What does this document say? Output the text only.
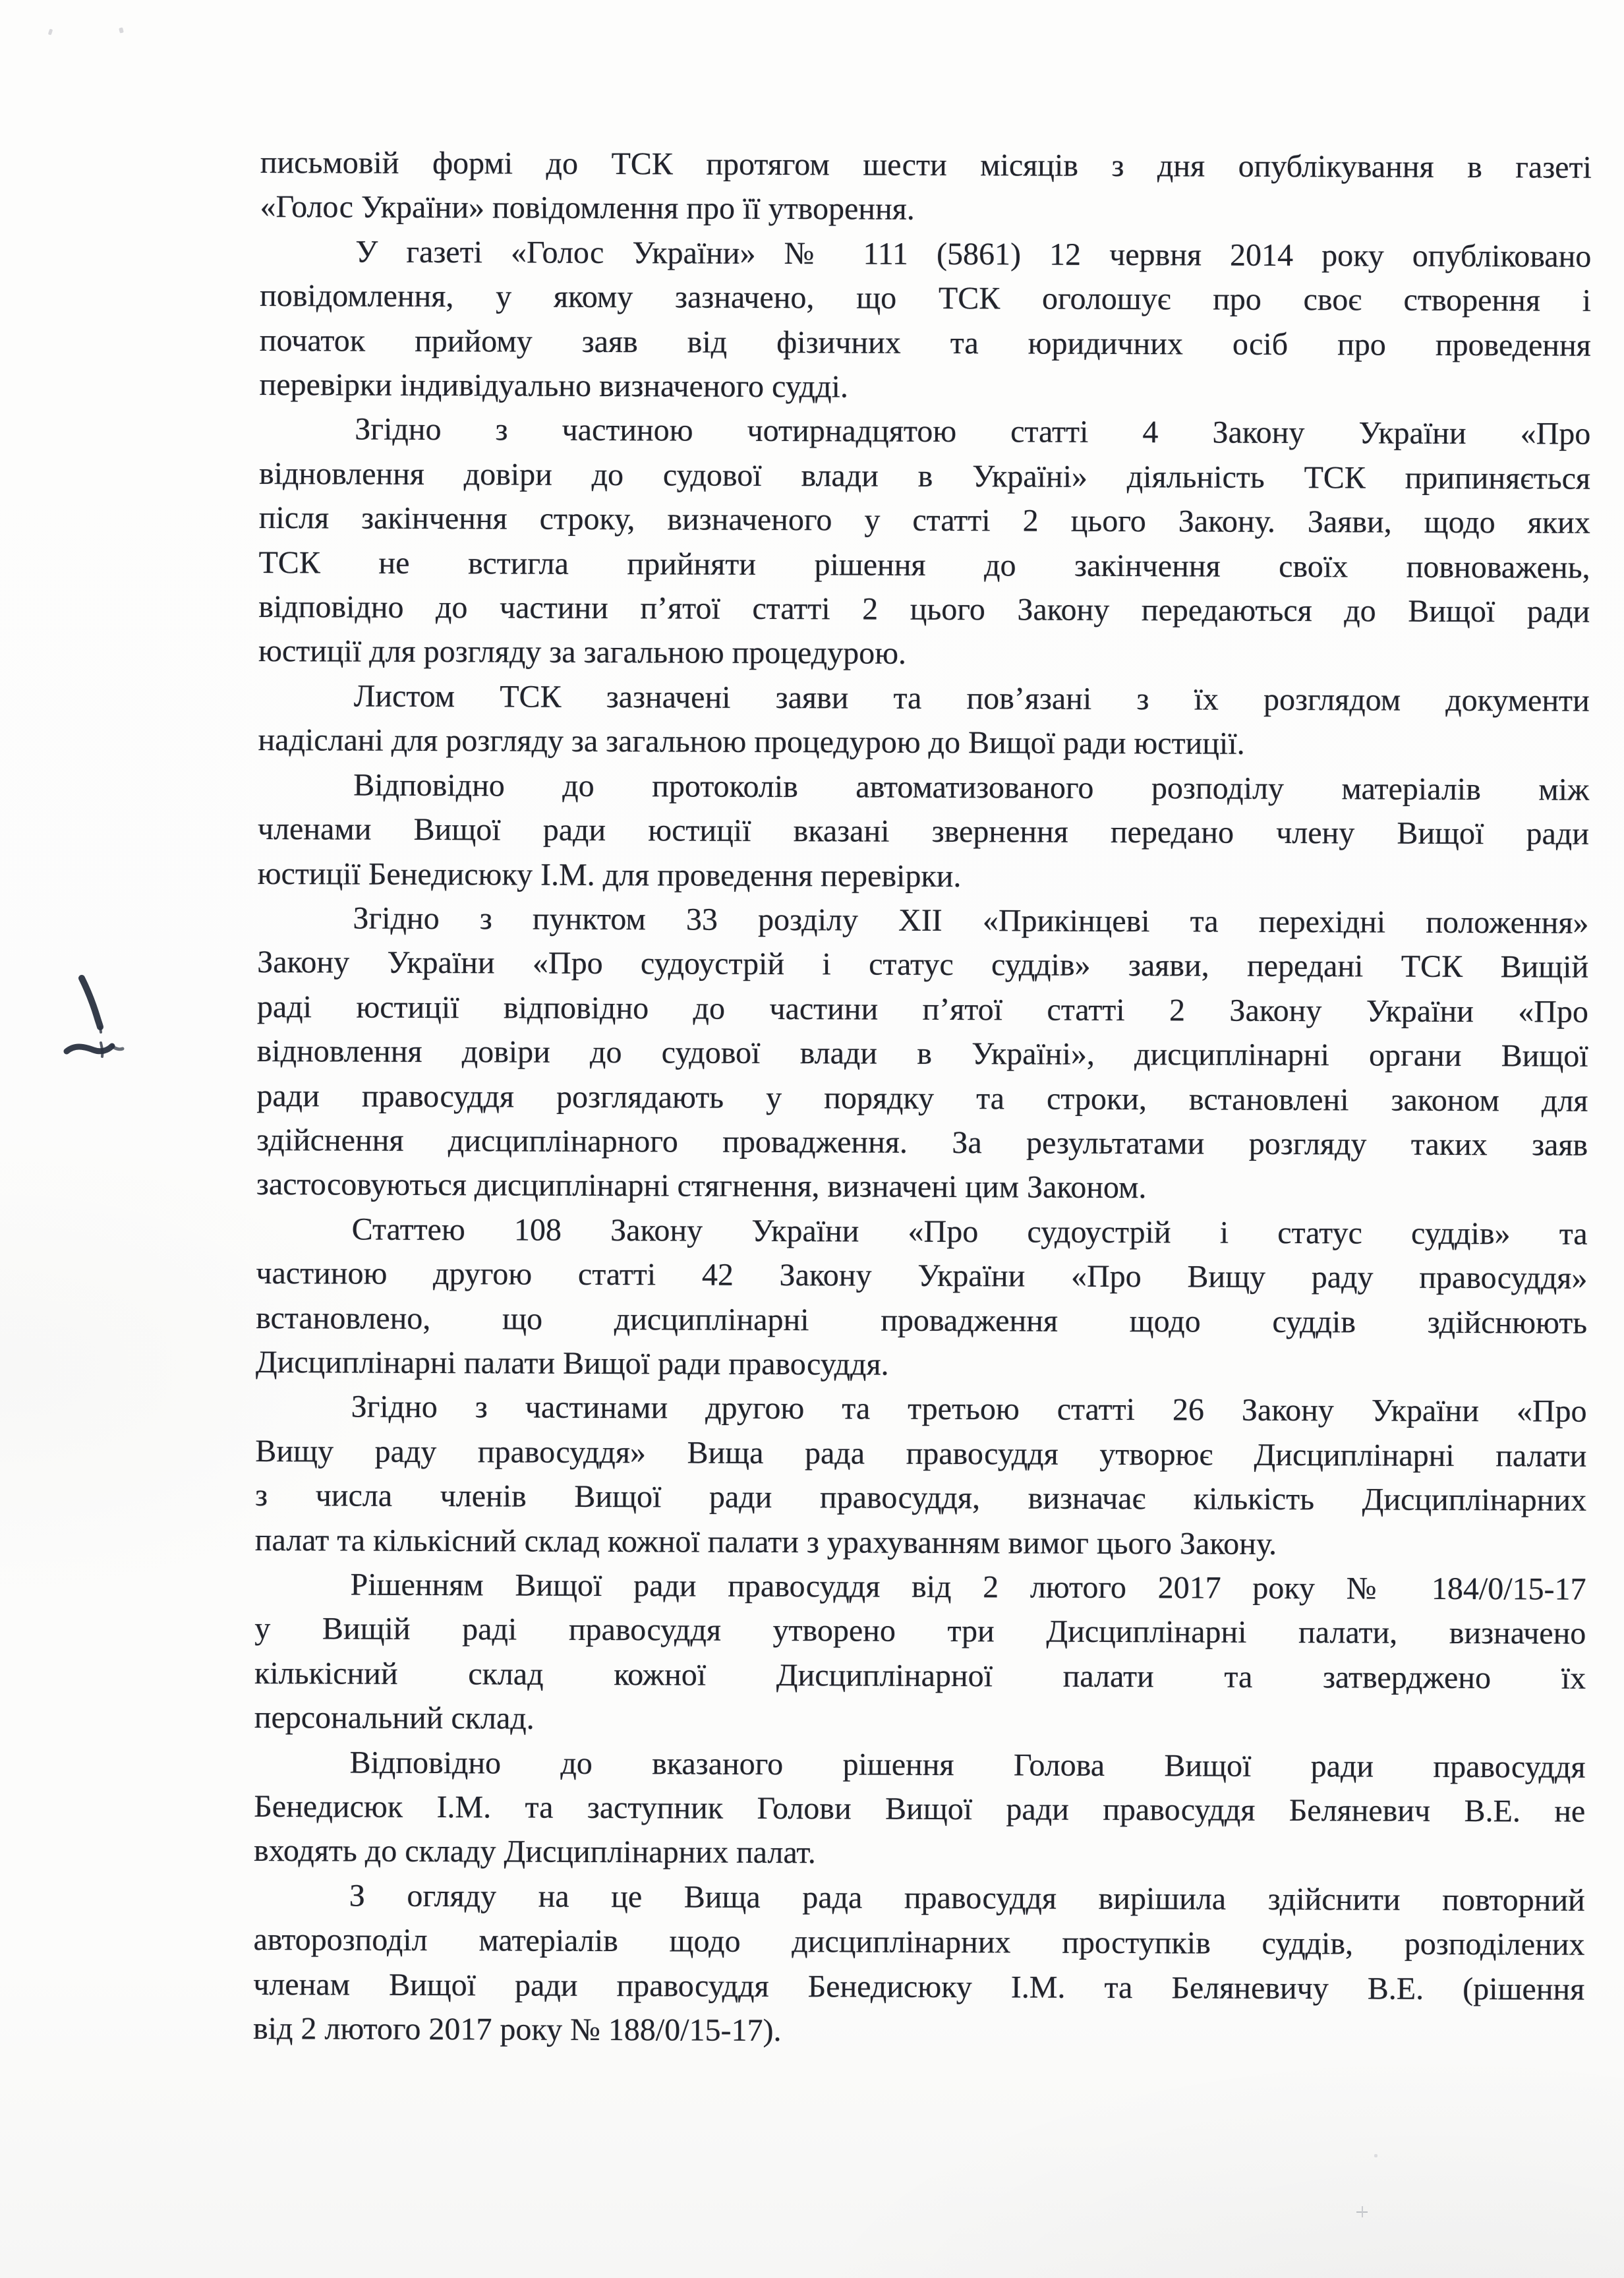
письмовій формі до ТСК протягом шести місяців з дня опублікування в газеті
«Голос України» повідомлення про її утворення.
У газеті «Голос України» № 111 (5861) 12 червня 2014 року опубліковано
повідомлення, у якому зазначено, що ТСК оголошує про своє створення і
початок прийому заяв від фізичних та юридичних осіб про проведення
перевірки індивідуально визначеного судді.
Згідно з частиною чотирнадцятою статті 4 Закону України «Про
відновлення довіри до судової влади в Україні» діяльність ТСК припиняється
після закінчення строку, визначеного у статті 2 цього Закону. Заяви, щодо яких
ТСК не встигла прийняти рішення до закінчення своїх повноважень,
відповідно до частини п’ятої статті 2 цього Закону передаються до Вищої ради
юстиції для розгляду за загальною процедурою.
Листом ТСК зазначені заяви та пов’язані з їх розглядом документи
надіслані для розгляду за загальною процедурою до Вищої ради юстиції.
Відповідно до протоколів автоматизованого розподілу матеріалів між
членами Вищої ради юстиції вказані звернення передано члену Вищої ради
юстиції Бенедисюку І.М. для проведення перевірки.
Згідно з пунктом 33 розділу XII «Прикінцеві та перехідні положення»
Закону України «Про судоустрій і статус суддів» заяви, передані ТСК Вищій
раді юстиції відповідно до частини п’ятої статті 2 Закону України «Про
відновлення довіри до судової влади в Україні», дисциплінарні органи Вищої
ради правосуддя розглядають у порядку та строки, встановлені законом для
здійснення дисциплінарного провадження. За результатами розгляду таких заяв
застосовуються дисциплінарні стягнення, визначені цим Законом.
Статтею 108 Закону України «Про судоустрій і статус суддів» та
частиною другою статті 42 Закону України «Про Вищу раду правосуддя»
встановлено, що дисциплінарні провадження щодо суддів здійснюють
Дисциплінарні палати Вищої ради правосуддя.
Згідно з частинами другою та третьою статті 26 Закону України «Про
Вищу раду правосуддя» Вища рада правосуддя утворює Дисциплінарні палати
з числа членів Вищої ради правосуддя, визначає кількість Дисциплінарних
палат та кількісний склад кожної палати з урахуванням вимог цього Закону.
Рішенням Вищої ради правосуддя від 2 лютого 2017 року № 184/0/15-17
у Вищій раді правосуддя утворено три Дисциплінарні палати, визначено
кількісний склад кожної Дисциплінарної палати та затверджено їх
персональний склад.
Відповідно до вказаного рішення Голова Вищої ради правосуддя
Бенедисюк І.М. та заступник Голови Вищої ради правосуддя Беляневич В.Е. не
входять до складу Дисциплінарних палат.
З огляду на це Вища рада правосуддя вирішила здійснити повторний
авторозподіл матеріалів щодо дисциплінарних проступків суддів, розподілених
членам Вищої ради правосуддя Бенедисюку І.М. та Беляневичу В.Е. (рішення
від 2 лютого 2017 року № 188/0/15-17).
